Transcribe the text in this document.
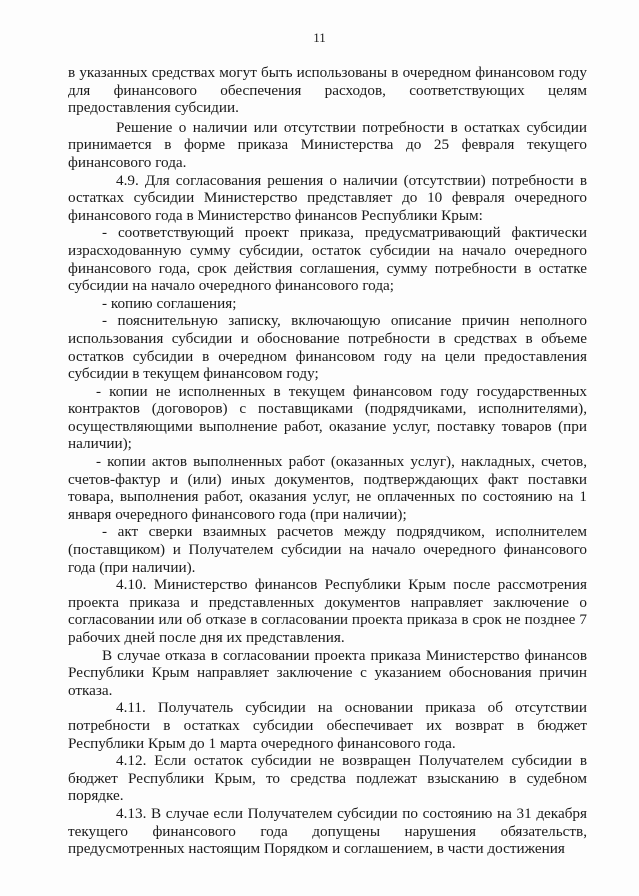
11

в указанных средствах могут быть использованы в очередном финансовом году для финансового обеспечения расходов, соответствующих целям предоставления субсидии.

Решение о наличии или отсутствии потребности в остатках субсидии принимается в форме приказа Министерства до 25 февраля текущего финансового года.

4.9. Для согласования решения о наличии (отсутствии) потребности в остатках субсидии Министерство представляет до 10 февраля очередного финансового года в Министерство финансов Республики Крым:

- соответствующий проект приказа, предусматривающий фактически израсходованную сумму субсидии, остаток субсидии на начало очередного финансового года, срок действия соглашения, сумму потребности в остатке субсидии на начало очередного финансового года;

- копию соглашения;

- пояснительную записку, включающую описание причин неполного использования субсидии и обоснование потребности в средствах в объеме остатков субсидии в очередном финансовом году на цели предоставления субсидии в текущем финансовом году;

- копии не исполненных в текущем финансовом году государственных контрактов (договоров) с поставщиками (подрядчиками, исполнителями), осуществляющими выполнение работ, оказание услуг, поставку товаров (при наличии);

- копии актов выполненных работ (оказанных услуг), накладных, счетов, счетов-фактур и (или) иных документов, подтверждающих факт поставки товара, выполнения работ, оказания услуг, не оплаченных по состоянию на 1 января очередного финансового года (при наличии);

- акт сверки взаимных расчетов между подрядчиком, исполнителем (поставщиком) и Получателем субсидии на начало очередного финансового года (при наличии).

4.10. Министерство финансов Республики Крым после рассмотрения проекта приказа и представленных документов направляет заключение о согласовании или об отказе в согласовании проекта приказа в срок не позднее 7 рабочих дней после дня их представления.

В случае отказа в согласовании проекта приказа Министерство финансов Республики Крым направляет заключение с указанием обоснования причин отказа.

4.11. Получатель субсидии на основании приказа об отсутствии потребности в остатках субсидии обеспечивает их возврат в бюджет Республики Крым до 1 марта очередного финансового года.

4.12. Если остаток субсидии не возвращен Получателем субсидии в бюджет Республики Крым, то средства подлежат взысканию в судебном порядке.

4.13. В случае если Получателем субсидии по состоянию на 31 декабря текущего финансового года допущены нарушения обязательств, предусмотренных настоящим Порядком и соглашением, в части достижения
